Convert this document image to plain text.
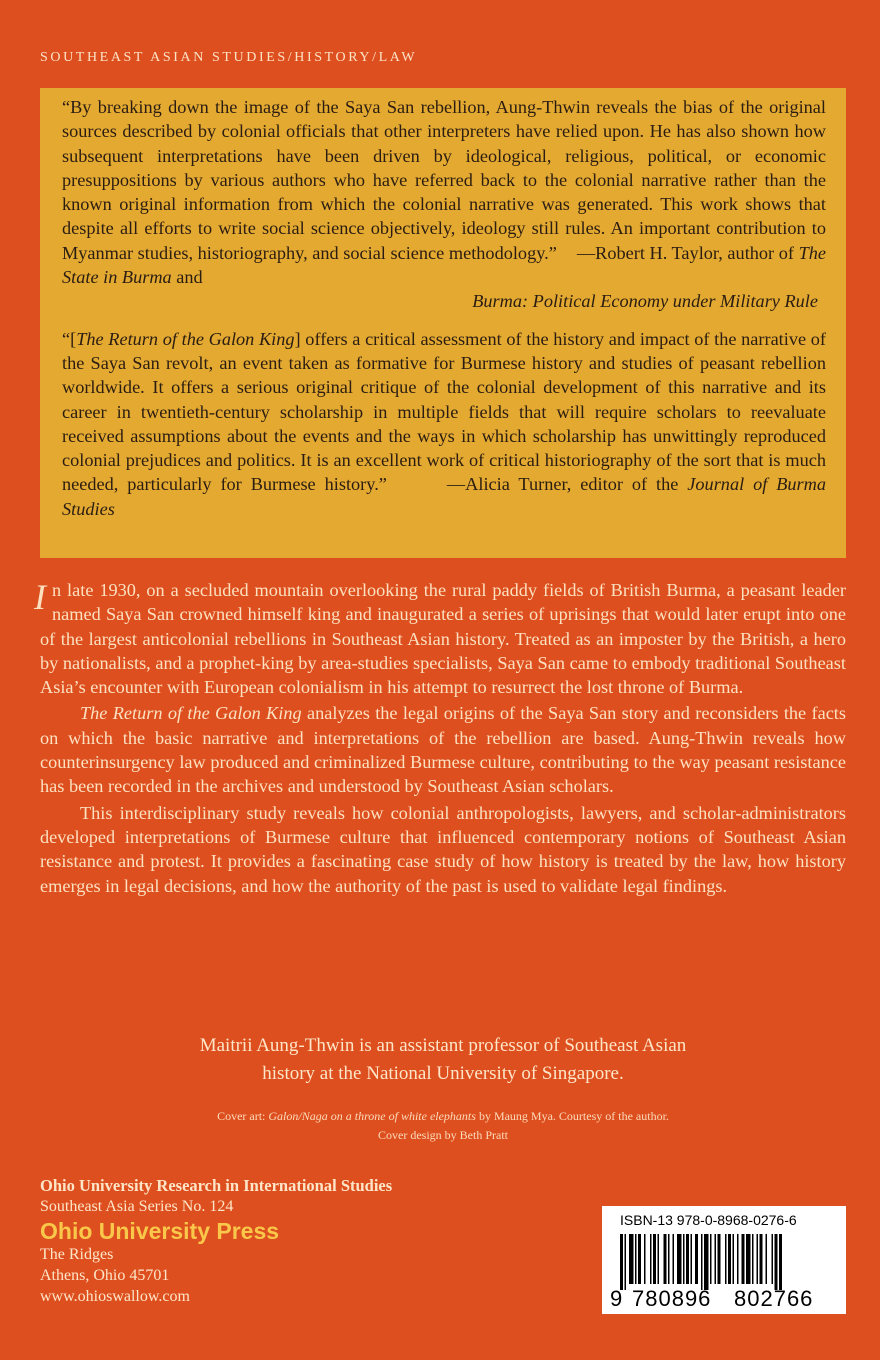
SOUTHEAST ASIAN STUDIES/HISTORY/LAW

“By breaking down the image of the Saya San rebellion, Aung-Thwin reveals the bias of the original sources described by colonial officials that other interpreters have relied upon. He has also shown how subsequent interpretations have been driven by ideological, religious, political, or economic presuppositions by various authors who have referred back to the colonial narrative rather than the known original information from which the colonial narrative was generated. This work shows that despite all efforts to write social science objectively, ideology still rules. An important contribution to Myanmar studies, historiography, and social science methodology.” —Robert H. Taylor, author of The State in Burma and
Burma: Political Economy under Military Rule

“[The Return of the Galon King] offers a critical assessment of the history and impact of the narrative of the Saya San revolt, an event taken as formative for Burmese history and studies of peasant rebellion worldwide. It offers a serious original critique of the colonial development of this narrative and its career in twentieth-century scholarship in multiple fields that will require scholars to reevaluate received assumptions about the events and the ways in which scholarship has unwittingly reproduced colonial prejudices and politics. It is an excellent work of critical historiography of the sort that is much needed, particularly for Burmese history.”	—Alicia Turner, editor of the Journal of Burma Studies

In late 1930, on a secluded mountain overlooking the rural paddy fields of British Burma, a peasant leader named Saya San crowned himself king and inaugurated a series of uprisings that would later erupt into one of the largest anticolonial rebellions in Southeast Asian history. Treated as an imposter by the British, a hero by nationalists, and a prophet-king by area-studies specialists, Saya San came to embody traditional Southeast Asia’s encounter with European colonialism in his attempt to resurrect the lost throne of Burma.

The Return of the Galon King analyzes the legal origins of the Saya San story and reconsiders the facts on which the basic narrative and interpretations of the rebellion are based. Aung-Thwin reveals how counterinsurgency law produced and criminalized Burmese culture, contributing to the way peasant resistance has been recorded in the archives and understood by Southeast Asian scholars.

This interdisciplinary study reveals how colonial anthropologists, lawyers, and scholar-administrators developed interpretations of Burmese culture that influenced contemporary notions of Southeast Asian resistance and protest. It provides a fascinating case study of how history is treated by the law, how history emerges in legal decisions, and how the authority of the past is used to validate legal findings.

Maitrii Aung-Thwin is an assistant professor of Southeast Asian
history at the National University of Singapore.
Cover art: Galon/Naga on a throne of white elephants by Maung Mya. Courtesy of the author.
Cover design by Beth Pratt
Ohio University Research in International Studies
Southeast Asia Series No. 124
Ohio University Press
The Ridges
Athens, Ohio 45701
www.ohioswallow.com
ISBN-13 978-0-8968-0276-6
9 780896 802766
